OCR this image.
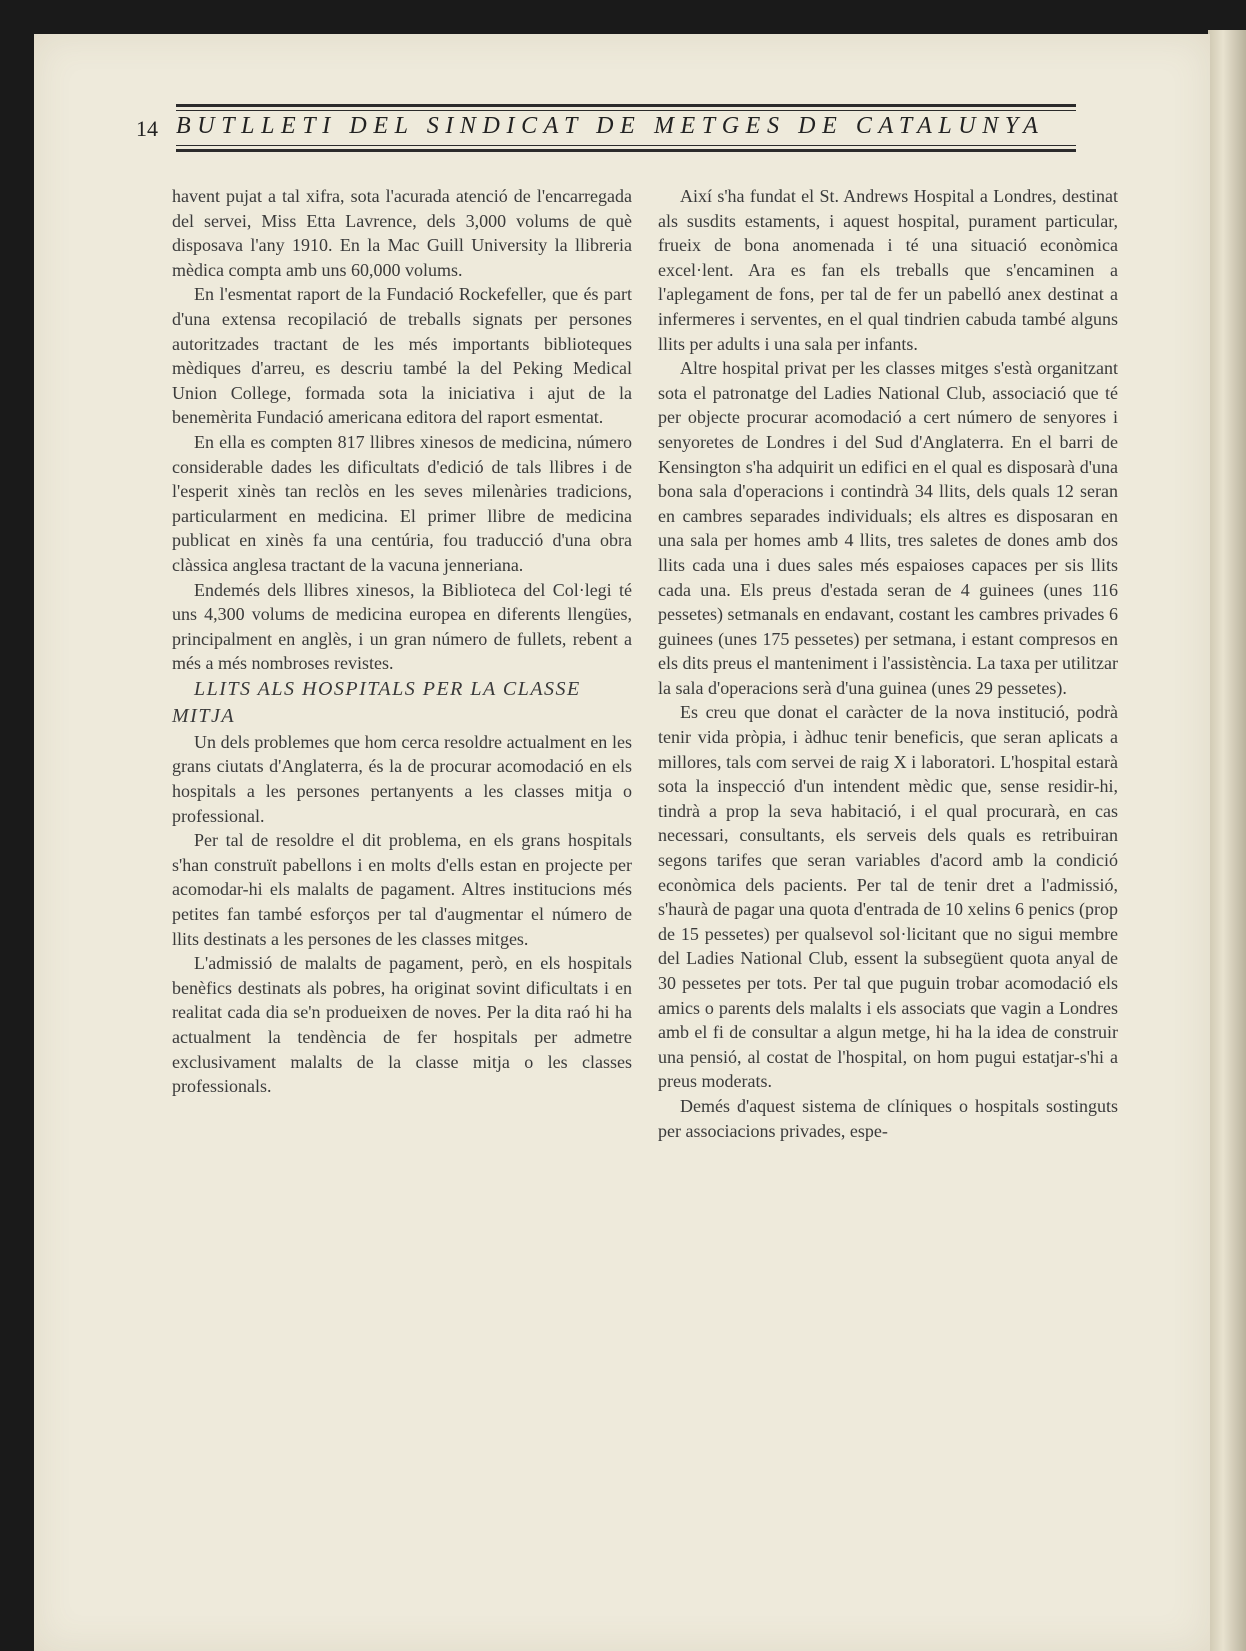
14 BUTLLETI DEL SINDICAT DE METGES DE CATALUNYA

havent pujat a tal xifra, sota l'acurada atenció de l'encarregada del servei, Miss Etta Lavrence, dels 3,000 volums de què disposava l'any 1910. En la Mac Guill University la llibreria mèdica compta amb uns 60,000 volums.

En l'esmentat raport de la Fundació Rockefeller, que és part d'una extensa recopilació de treballs signats per persones autoritzades tractant de les més importants biblioteques mèdiques d'arreu, es descriu també la del Peking Medical Union College, formada sota la iniciativa i ajut de la benemèrita Fundació americana editora del raport esmentat.

En ella es compten 817 llibres xinesos de medicina, número considerable dades les dificultats d'edició de tals llibres i de l'esperit xinès tan reclòs en les seves milenàries tradicions, particularment en medicina. El primer llibre de medicina publicat en xinès fa una centúria, fou traducció d'una obra clàssica anglesa tractant de la vacuna jenneriana.

Endemés dels llibres xinesos, la Biblioteca del Col·legi té uns 4,300 volums de medicina europea en diferents llengües, principalment en anglès, i un gran número de fullets, rebent a més a més nombroses revistes.

LLITS ALS HOSPITALS PER LA CLASSE MITJA

Un dels problemes que hom cerca resoldre actualment en les grans ciutats d'Anglaterra, és la de procurar acomodació en els hospitals a les persones pertanyents a les classes mitja o professional.

Per tal de resoldre el dit problema, en els grans hospitals s'han construït pabellons i en molts d'ells estan en projecte per acomodar-hi els malalts de pagament. Altres institucions més petites fan també esforços per tal d'augmentar el número de llits destinats a les persones de les classes mitges.

L'admissió de malalts de pagament, però, en els hospitals benèfics destinats als pobres, ha originat sovint dificultats i en realitat cada dia se'n produeixen de noves. Per la dita raó hi ha actualment la tendència de fer hospitals per admetre exclusivament malalts de la classe mitja o les classes professionals.

Així s'ha fundat el St. Andrews Hospital a Londres, destinat als susdits estaments, i aquest hospital, purament particular, frueix de bona anomenada i té una situació econòmica excel·lent. Ara es fan els treballs que s'encaminen a l'aplegament de fons, per tal de fer un pabelló anex destinat a infermeres i serventes, en el qual tindrien cabuda també alguns llits per adults i una sala per infants.

Altre hospital privat per les classes mitges s'està organitzant sota el patronatge del Ladies National Club, associació que té per objecte procurar acomodació a cert número de senyores i senyoretes de Londres i del Sud d'Anglaterra. En el barri de Kensington s'ha adquirit un edifici en el qual es disposarà d'una bona sala d'operacions i contindrà 34 llits, dels quals 12 seran en cambres separades individuals; els altres es disposaran en una sala per homes amb 4 llits, tres saletes de dones amb dos llits cada una i dues sales més espaioses capaces per sis llits cada una. Els preus d'estada seran de 4 guinees (unes 116 pessetes) setmanals en endavant, costant les cambres privades 6 guinees (unes 175 pessetes) per setmana, i estant compresos en els dits preus el manteniment i l'assistència. La taxa per utilitzar la sala d'operacions serà d'una guinea (unes 29 pessetes).

Es creu que donat el caràcter de la nova institució, podrà tenir vida pròpia, i àdhuc tenir beneficis, que seran aplicats a millores, tals com servei de raig X i laboratori. L'hospital estarà sota la inspecció d'un intendent mèdic que, sense residir-hi, tindrà a prop la seva habitació, i el qual procurarà, en cas necessari, consultants, els serveis dels quals es retribuiran segons tarifes que seran variables d'acord amb la condició econòmica dels pacients. Per tal de tenir dret a l'admissió, s'haurà de pagar una quota d'entrada de 10 xelins 6 penics (prop de 15 pessetes) per qualsevol sol·licitant que no sigui membre del Ladies National Club, essent la subsegüent quota anyal de 30 pessetes per tots. Per tal que puguin trobar acomodació els amics o parents dels malalts i els associats que vagin a Londres amb el fi de consultar a algun metge, hi ha la idea de construir una pensió, al costat de l'hospital, on hom pugui estatjar-s'hi a preus moderats.

Demés d'aquest sistema de clíniques o hospitals sostinguts per associacions privades, espe-
